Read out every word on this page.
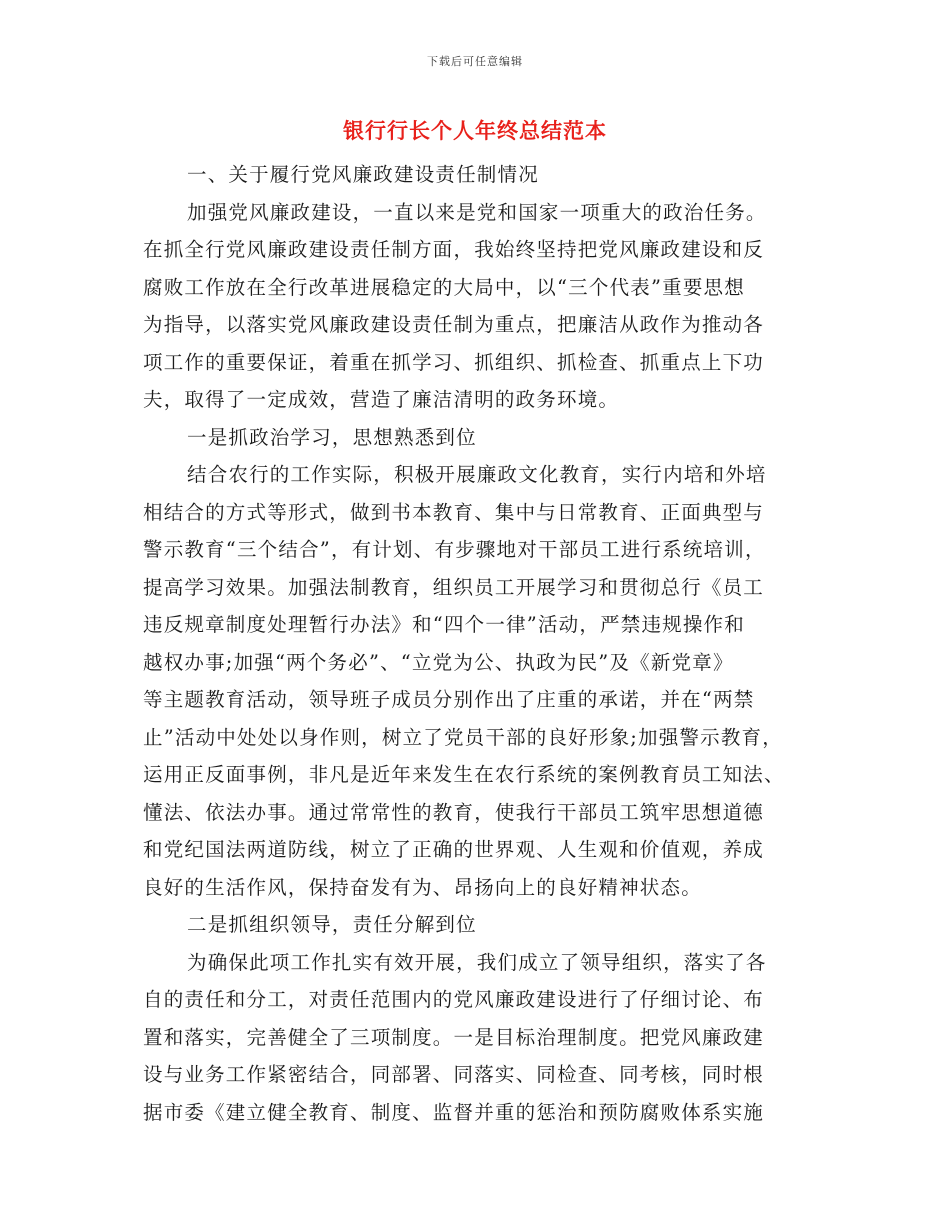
下载后可任意编辑
银行行长个人年终总结范本
一、关于履行党风廉政建设责任制情况
加强党风廉政建设，一直以来是党和国家一项重大的政治任务。
在抓全行党风廉政建设责任制方面，我始终坚持把党风廉政建设和反
腐败工作放在全行改革进展稳定的大局中，以“三个代表”重要思想
为指导，以落实党风廉政建设责任制为重点，把廉洁从政作为推动各
项工作的重要保证，着重在抓学习、抓组织、抓检查、抓重点上下功
夫，取得了一定成效，营造了廉洁清明的政务环境。
一是抓政治学习，思想熟悉到位
结合农行的工作实际，积极开展廉政文化教育，实行内培和外培
相结合的方式等形式，做到书本教育、集中与日常教育、正面典型与
警示教育“三个结合”，有计划、有步骤地对干部员工进行系统培训，
提高学习效果。加强法制教育，组织员工开展学习和贯彻总行《员工
违反规章制度处理暂行办法》和“四个一律”活动，严禁违规操作和
越权办事;加强“两个务必”、“立党为公、执政为民”及《新党章》
等主题教育活动，领导班子成员分别作出了庄重的承诺，并在“两禁
止”活动中处处以身作则，树立了党员干部的良好形象;加强警示教育，
运用正反面事例，非凡是近年来发生在农行系统的案例教育员工知法、
懂法、依法办事。通过常常性的教育，使我行干部员工筑牢思想道德
和党纪国法两道防线，树立了正确的世界观、人生观和价值观，养成
良好的生活作风，保持奋发有为、昂扬向上的良好精神状态。
二是抓组织领导，责任分解到位
为确保此项工作扎实有效开展，我们成立了领导组织，落实了各
自的责任和分工，对责任范围内的党风廉政建设进行了仔细讨论、布
置和落实，完善健全了三项制度。一是目标治理制度。把党风廉政建
设与业务工作紧密结合，同部署、同落实、同检查、同考核，同时根
据市委《建立健全教育、制度、监督并重的惩治和预防腐败体系实施
